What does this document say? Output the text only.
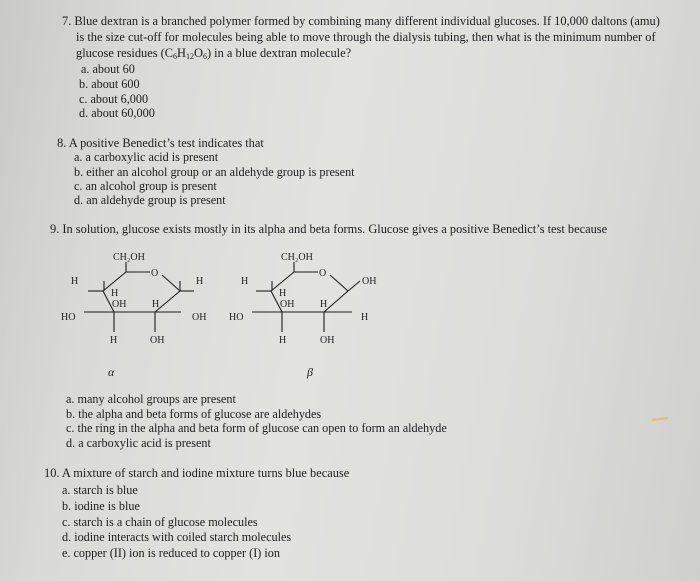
7. Blue dextran is a branched polymer formed by combining many different individual glucoses. If 10,000 daltons (amu)
is the size cut-off for molecules being able to move through the dialysis tubing, then what is the minimum number of
glucose residues $(C_6H_{12}O_6)$ in a blue dextran molecule?
a. about 60
b. about 600
c. about 6,000
d. about 60,000
8. A positive Benedict’s test indicates that
a. a carboxylic acid is present
b. either an alcohol group or an aldehyde group is present
c. an alcohol group is present
d. an aldehyde group is present
9. In solution, glucose exists mostly in its alpha and beta forms. Glucose gives a positive Benedict’s test because
CH₂OH
O
H	H
H
OH	H
HO	OH
H	OH
α
CH₂OH
O
H	OH
H
OH	H
HO	H
H	OH
β
a. many alcohol groups are present
b. the alpha and beta forms of glucose are aldehydes
c. the ring in the alpha and beta form of glucose can open to form an aldehyde
d. a carboxylic acid is present
10. A mixture of starch and iodine mixture turns blue because
a. starch is blue
b. iodine is blue
c. starch is a chain of glucose molecules
d. iodine interacts with coiled starch molecules
e. copper (II) ion is reduced to copper (I) ion
